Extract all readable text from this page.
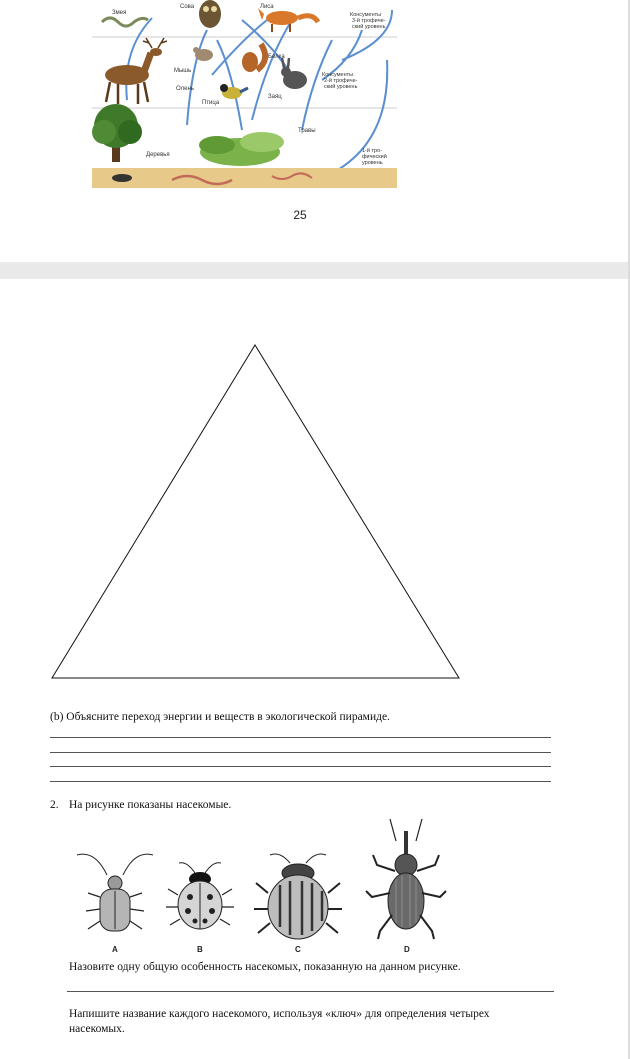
Змея
Сова	Лиса
Мышь
Белка
Олень
Птица
Заяц
Деревья
Травы
Консументы
3-й трофиче-
ский уровень
Консументы
2-й трофиче-
ский уровень
1-й тро-
фический
уровень
25
(b) Объясните переход энергии и веществ в экологической пирамиде.
2. На рисунке показаны насекомые.
A	B	C	D
Назовите одну общую особенность насекомых, показанную на данном рисунке.
Напишите название каждого насекомого, используя «ключ» для определения четырех
насекомых.
